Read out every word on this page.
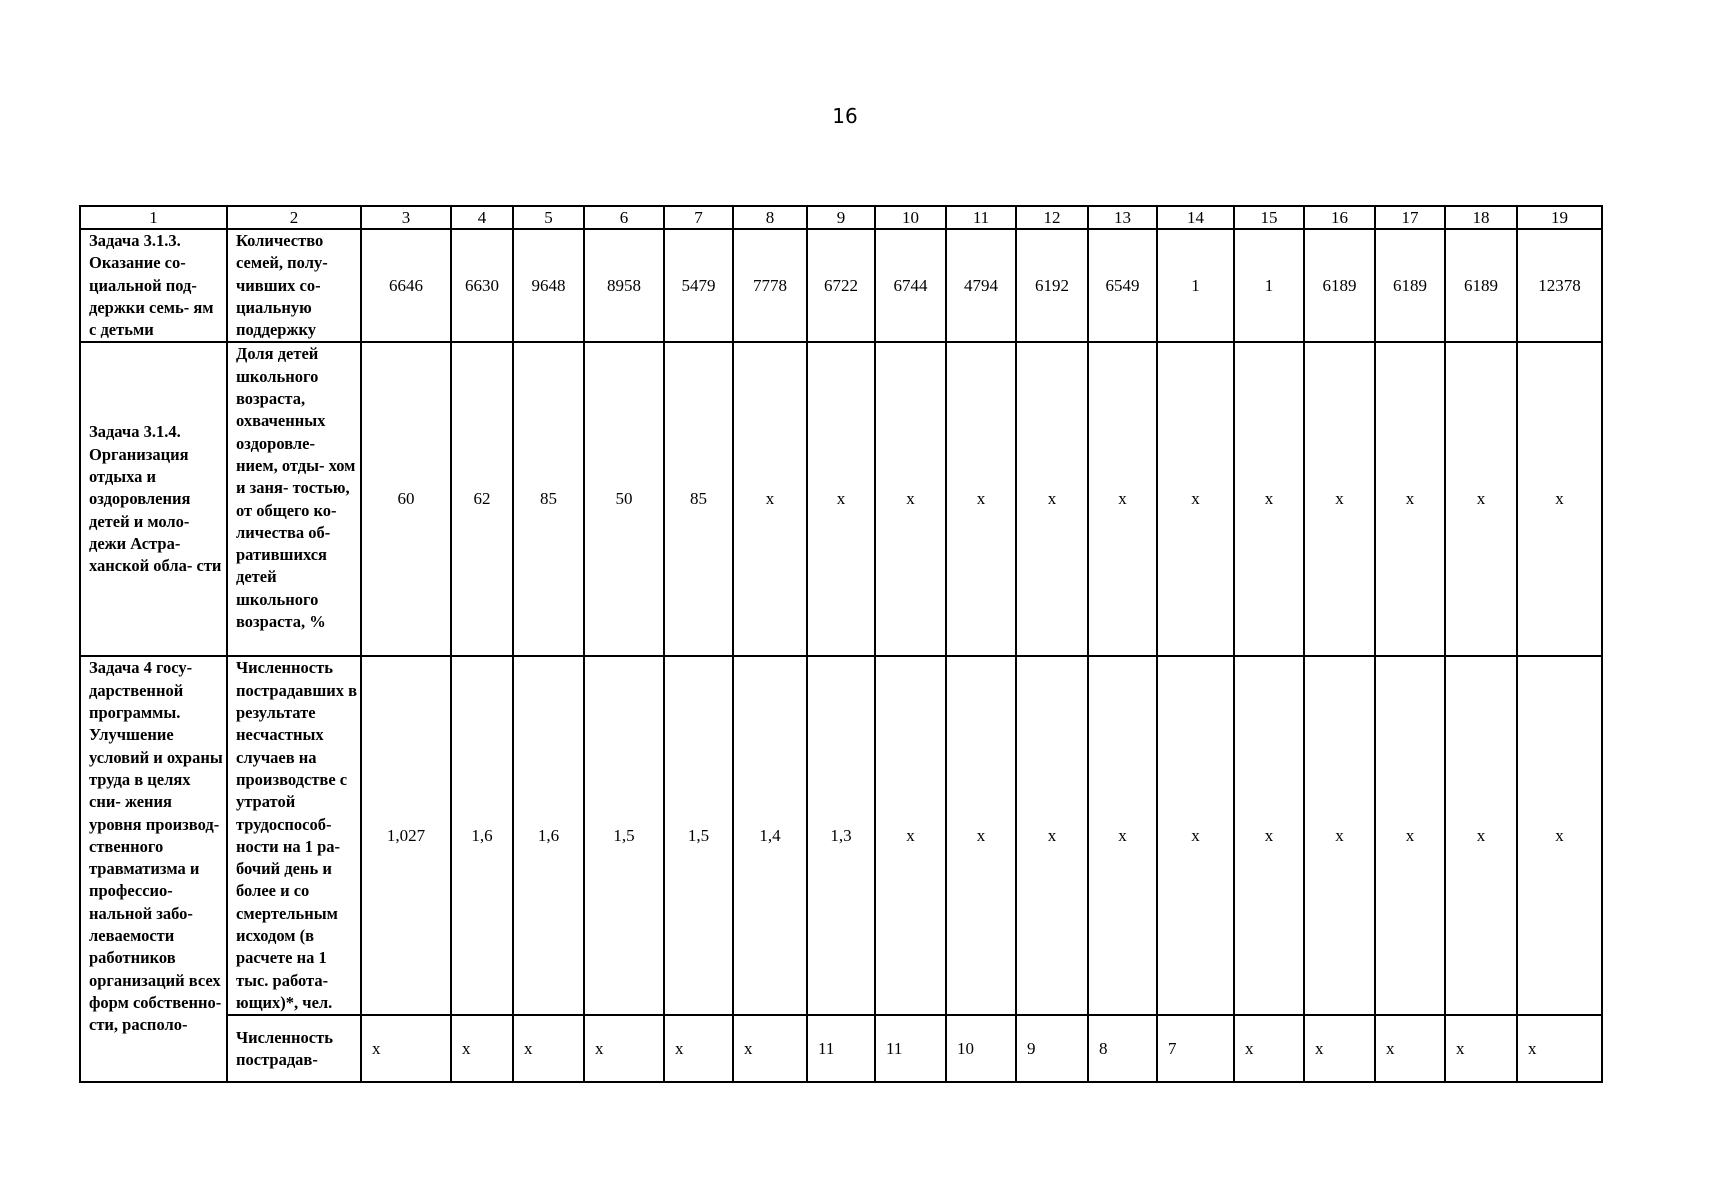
16
1	2	3	4	5	6	7	8	9	10	11	12	13	14	15	16	17	18	19
Задача 3.1.3. Оказание со- циальной под- держки семь- ям с детьми	Количество семей, полу- чивших со- циальную поддержку	6646	6630	9648	8958	5479	7778	6722	6744	4794	6192	6549	1	1	6189	6189	6189	12378
Задача 3.1.4. Организация отдыха и оздоровления детей и моло- дежи Астра- ханской обла- сти	Доля детей школьного возраста, охваченных оздоровле- нием, отды- хом и заня- тостью, от общего ко- личества об- ратившихся детей школьного возраста, %	60	62	85	50	85	x	x	x	x	x	x	x	x	x	x	x	x
Задача 4 госу- дарственной программы. Улучшение условий и охраны труда в целях сни- жения уровня производ- ственного травматизма и профессио- нальной забо- леваемости работников организаций всех форм собственно- сти, располо-	Численность пострадавших в результате несчастных случаев на производстве с утратой трудоспособ- ности на 1 ра- бочий день и более и со смертельным исходом (в расчете на 1 тыс. работа- ющих)*, чел.	1,027	1,6	1,6	1,5	1,5	1,4	1,3	x	x	x	x	x	x	x	x	x	x
	Численность пострадав-	x	x	x	x	x	x	11	11	10	9	8	7	x	x	x	x	x
